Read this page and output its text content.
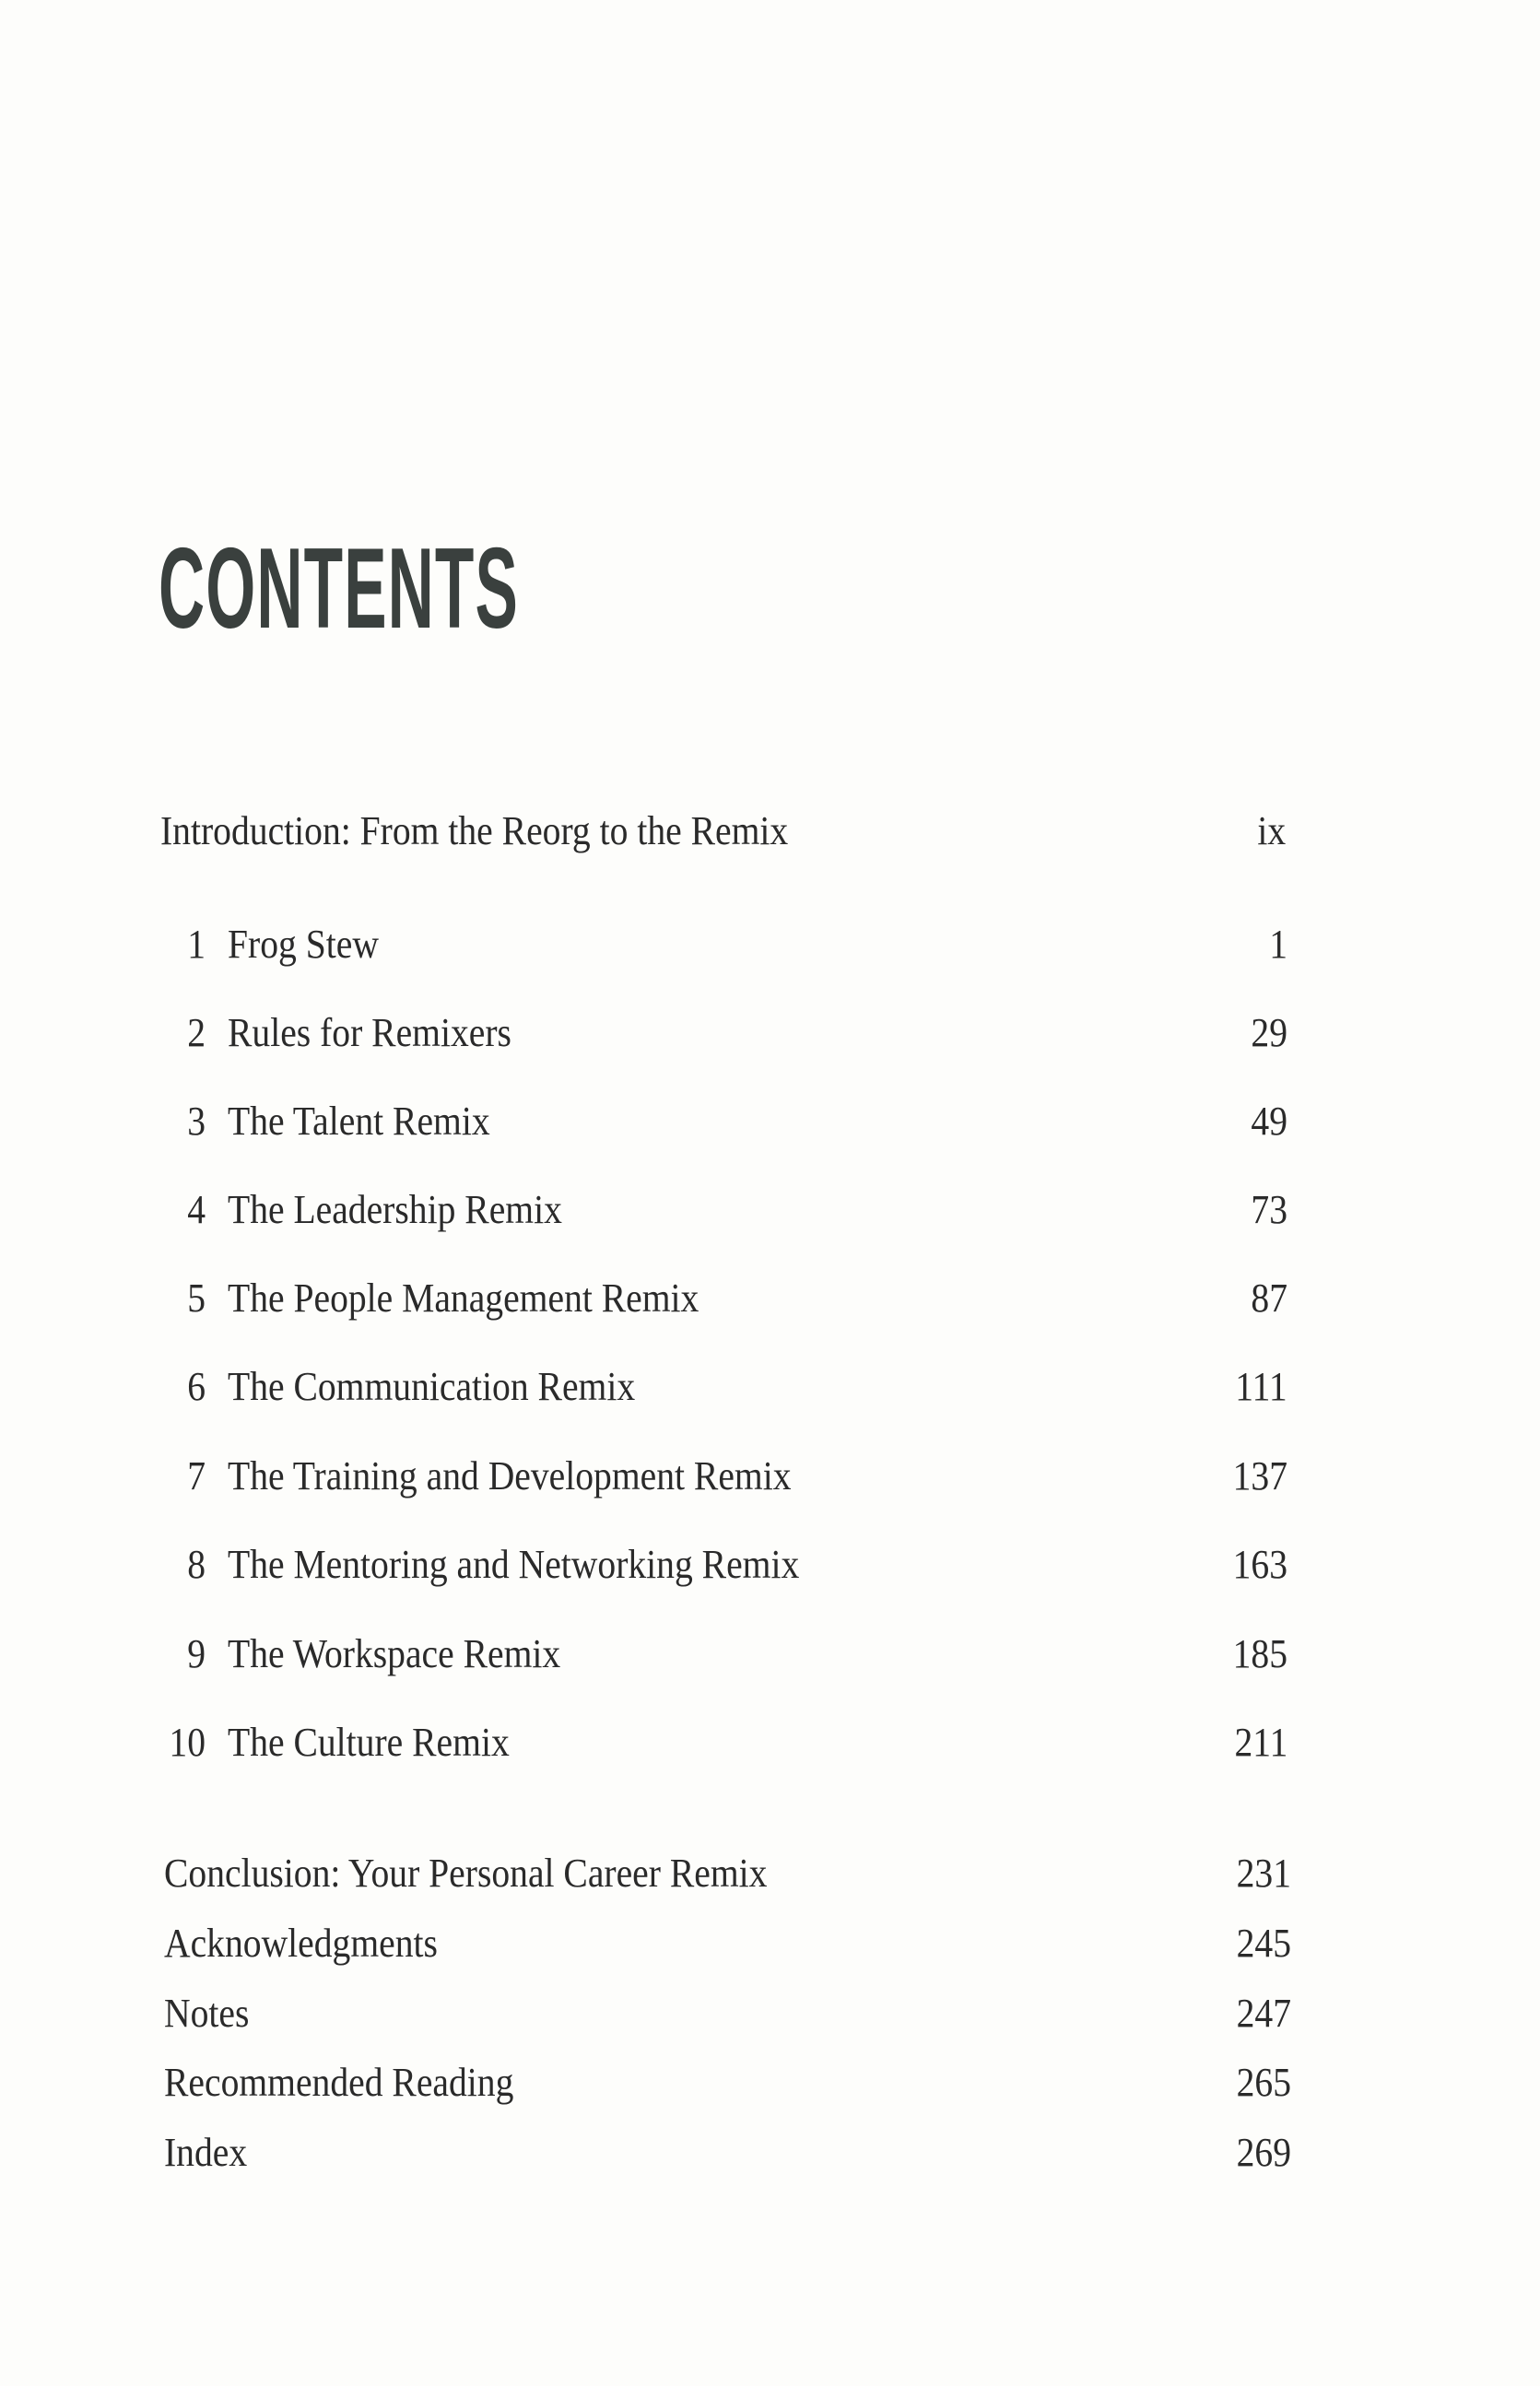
CONTENTS
Introduction: From the Reorg to the Remix	ix
1 Frog Stew	1
2 Rules for Remixers	29
3 The Talent Remix	49
4 The Leadership Remix	73
5 The People Management Remix	87
6 The Communication Remix	111
7 The Training and Development Remix	137
8 The Mentoring and Networking Remix	163
9 The Workspace Remix	185
10 The Culture Remix	211
Conclusion: Your Personal Career Remix	231
Acknowledgments	245
Notes	247
Recommended Reading	265
Index	269
